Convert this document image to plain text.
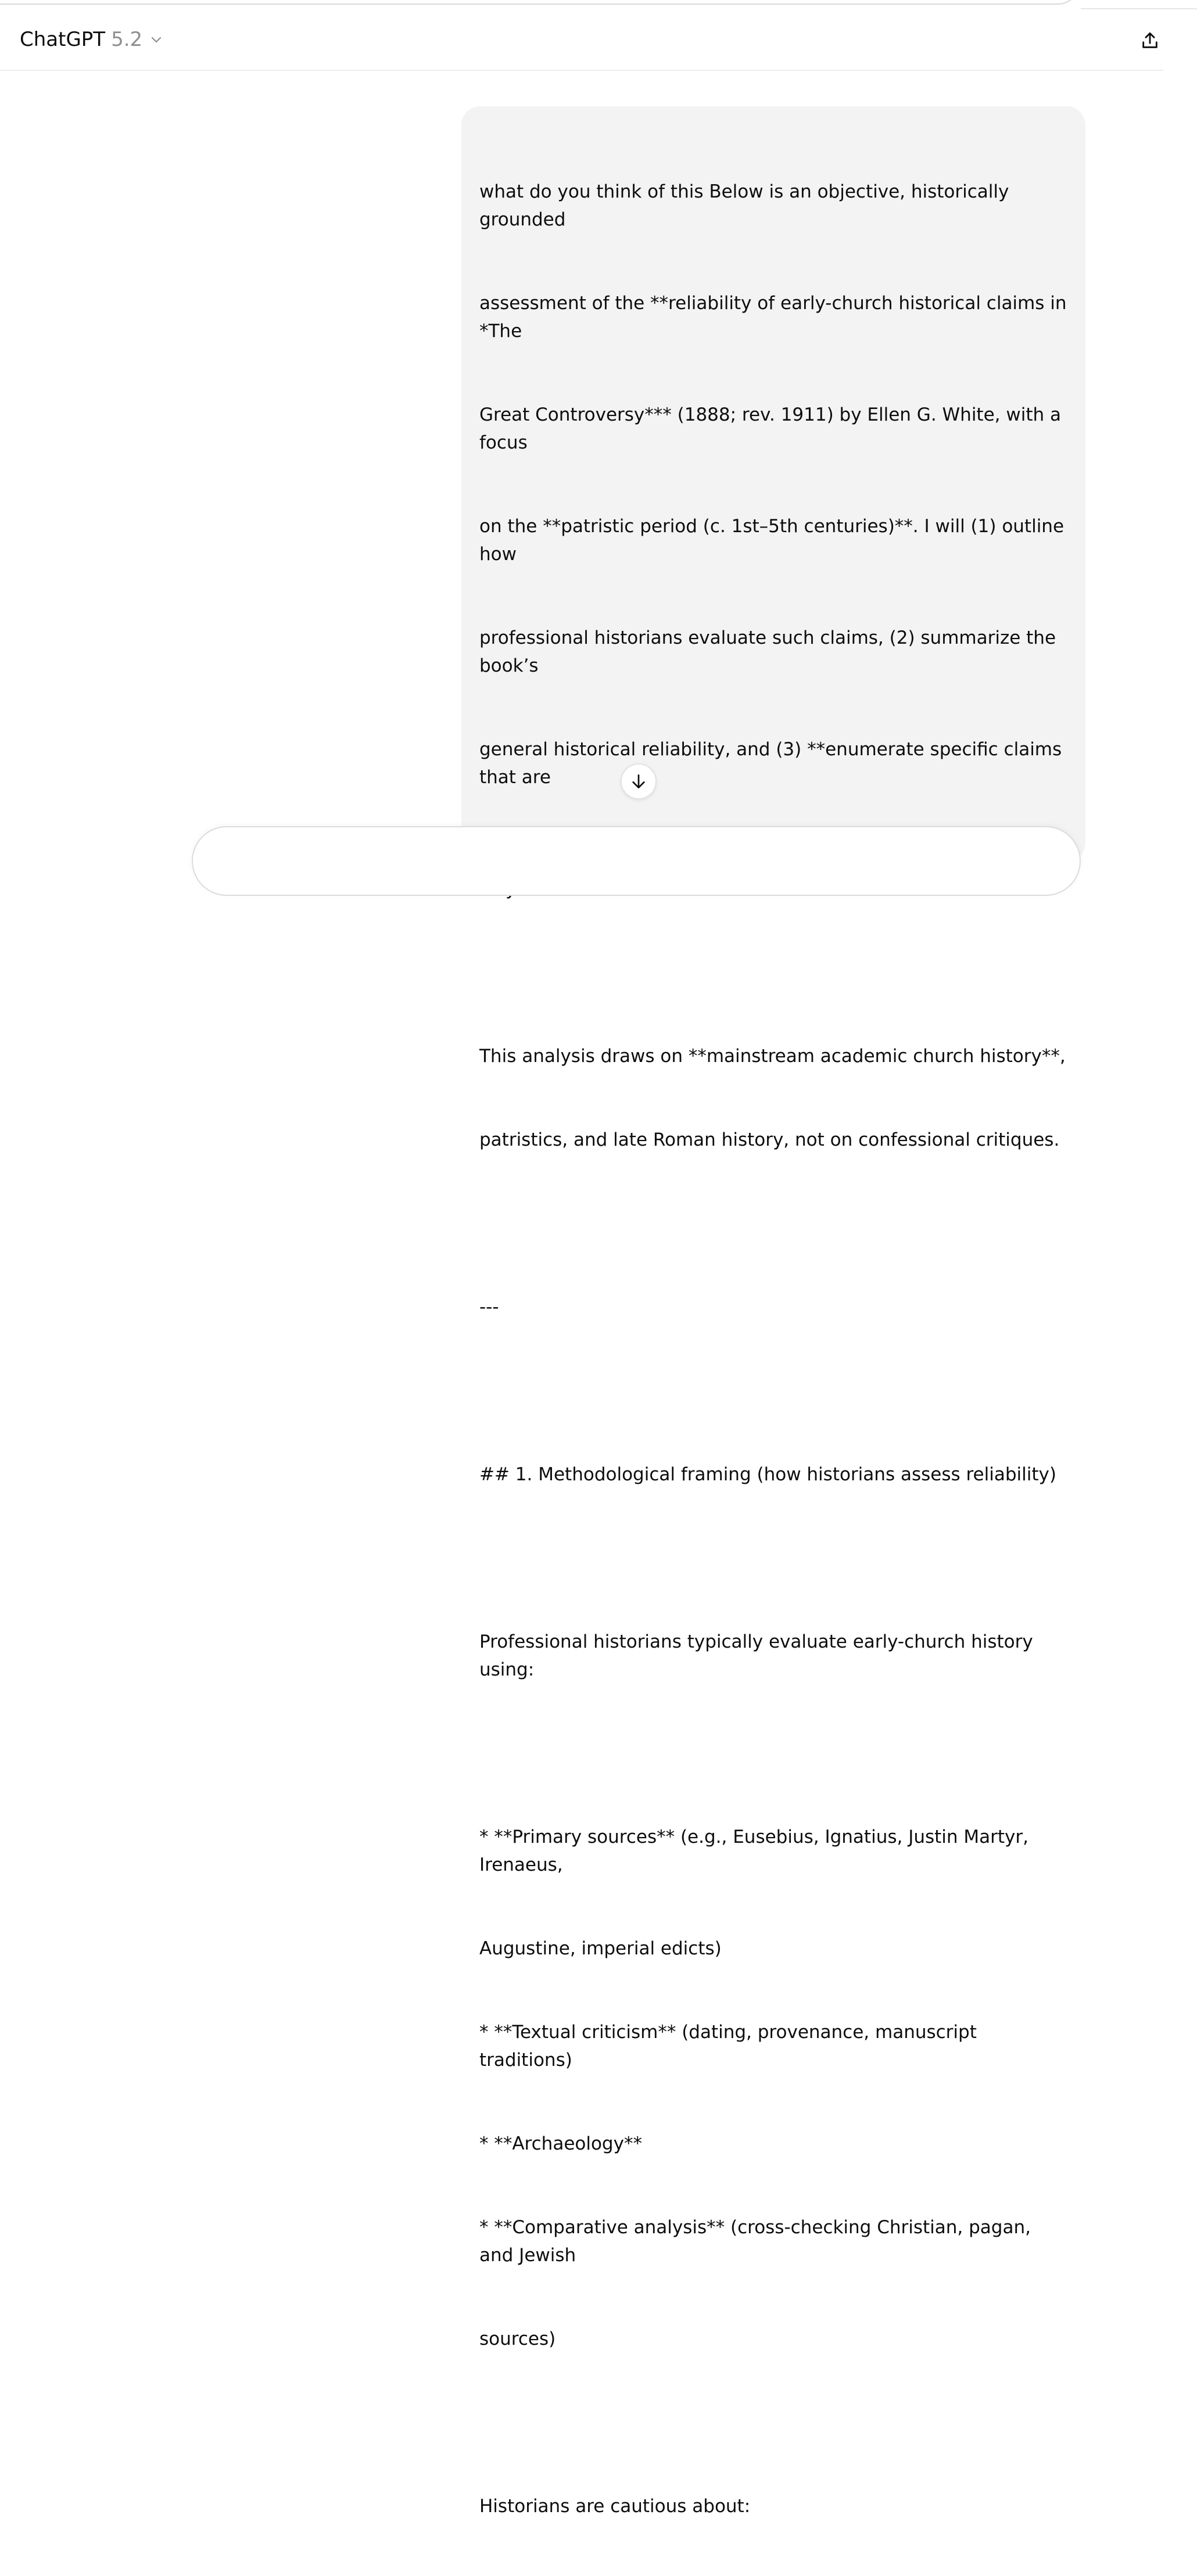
ChatGPT 5.2

what do you think of this Below is an objective, historically grounded

assessment of the **reliability of early-church historical claims in *The

Great Controversy*** (1888; rev. 1911) by Ellen G. White, with a focus

on the **patristic period (c. 1st–5th centuries)**. I will (1) outline how

professional historians evaluate such claims, (2) summarize the book’s

general historical reliability, and (3) **enumerate specific claims that are

This analysis draws on **mainstream academic church history**,

patristics, and late Roman history, not on confessional critiques.

---

## 1. Methodological framing (how historians assess reliability)

Professional historians typically evaluate early-church history using:

* **Primary sources** (e.g., Eusebius, Ignatius, Justin Martyr, Irenaeus,

Augustine, imperial edicts)

* **Textual criticism** (dating, provenance, manuscript traditions)

* **Archaeology**

* **Comparative analysis** (cross-checking Christian, pagan, and Jewish

sources)

Historians are cautious about:
